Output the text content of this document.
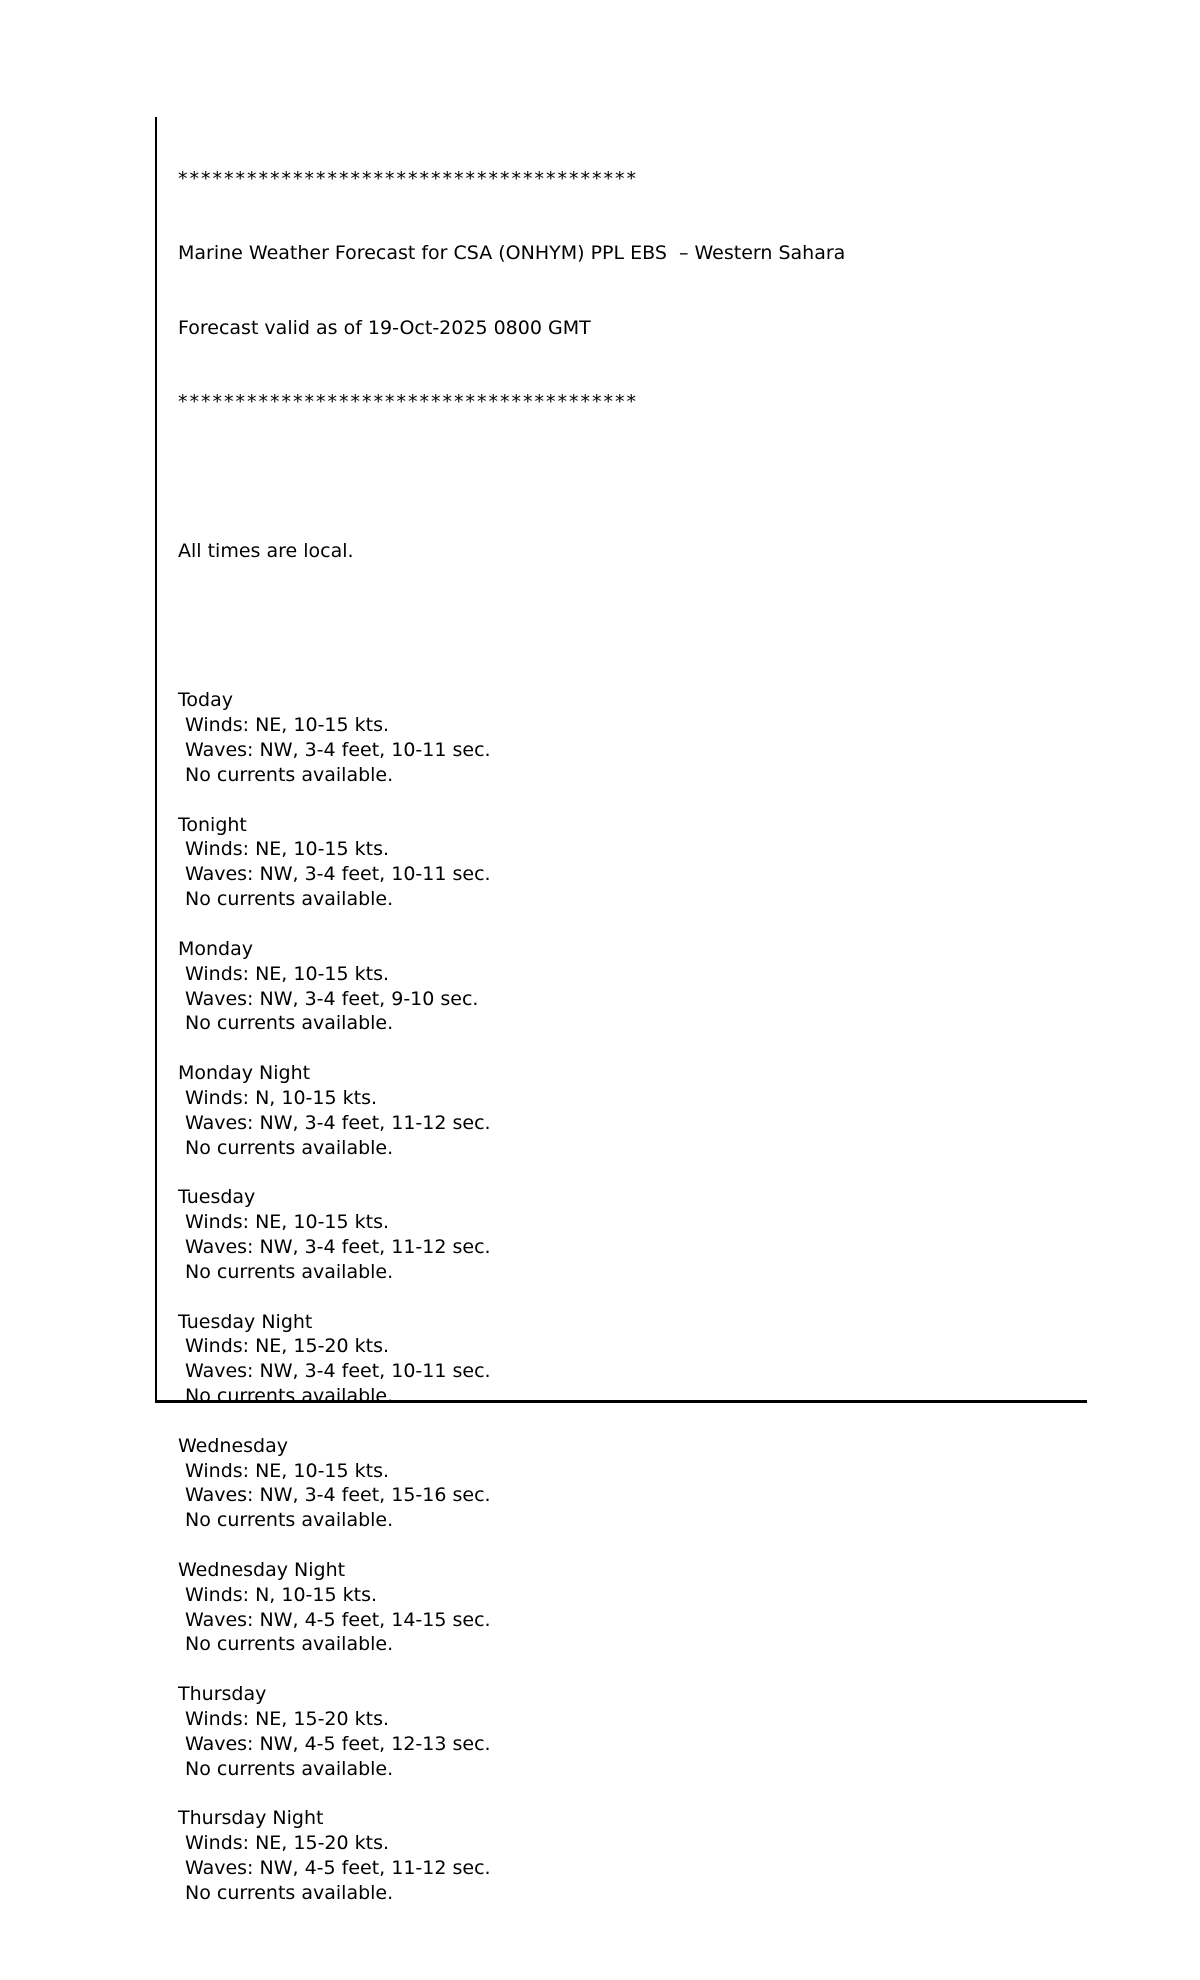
****************************************

Marine Weather Forecast for CSA (ONHYM) PPL EBS  – Western Sahara

Forecast valid as of 19-Oct-2025 0800 GMT

****************************************

All times are local.

Today
Winds: NE, 10-15 kts.
Waves: NW, 3-4 feet, 10-11 sec.
No currents available.
Tonight
Winds: NE, 10-15 kts.
Waves: NW, 3-4 feet, 10-11 sec.
No currents available.
Monday
Winds: NE, 10-15 kts.
Waves: NW, 3-4 feet, 9-10 sec.
No currents available.
Monday Night
Winds: N, 10-15 kts.
Waves: NW, 3-4 feet, 11-12 sec.
No currents available.
Tuesday
Winds: NE, 10-15 kts.
Waves: NW, 3-4 feet, 11-12 sec.
No currents available.
Tuesday Night
Winds: NE, 15-20 kts.
Waves: NW, 3-4 feet, 10-11 sec.
No currents available.
Wednesday
Winds: NE, 10-15 kts.
Waves: NW, 3-4 feet, 15-16 sec.
No currents available.
Wednesday Night
Winds: N, 10-15 kts.
Waves: NW, 4-5 feet, 14-15 sec.
No currents available.
Thursday
Winds: NE, 15-20 kts.
Waves: NW, 4-5 feet, 12-13 sec.
No currents available.
Thursday Night
Winds: NE, 15-20 kts.
Waves: NW, 4-5 feet, 11-12 sec.
No currents available.
